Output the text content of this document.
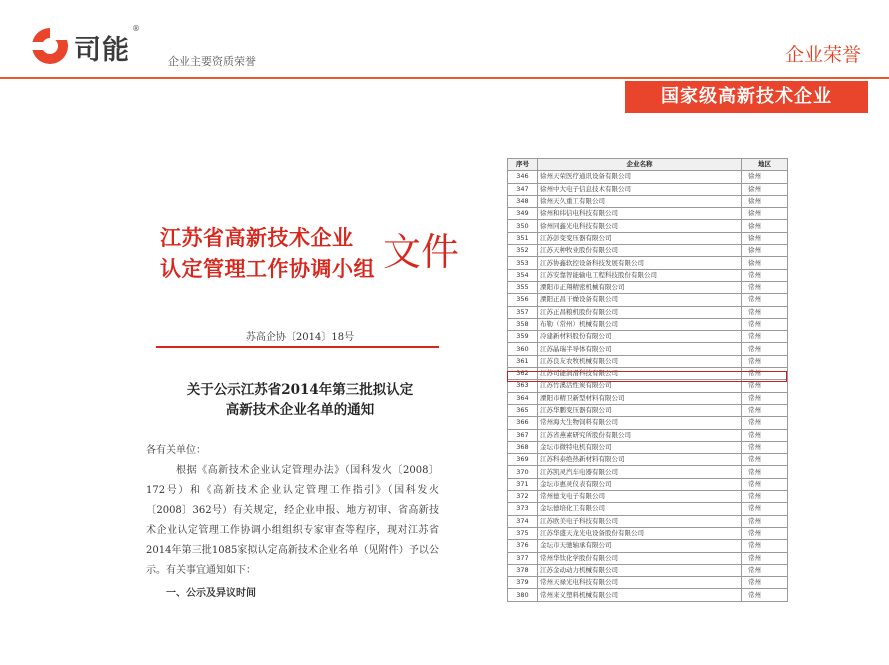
司能
®
企业主要资质荣誉	企业荣誉
国家级高新技术企业
江苏省高新技术企业
认定管理工作协调小组 文件
苏高企协〔2014〕18号
关于公示江苏省2014年第三批拟认定
高新技术企业名单的通知

各有关单位：

根据《高新技术企业认定管理办法》（国科发火〔2008〕172号）和《高新技术企业认定管理工作指引》（国科发火〔2008〕362号）有关规定，经企业申报、地方初审、省高新技术企业认定管理工作协调小组组织专家审查等程序，现对江苏省2014年第三批1085家拟认定高新技术企业名单（见附件）予以公示。有关事宜通知如下：

一、公示及异议时间

序号	企业名称	地区
346	徐州天荣医疗通讯设备有限公司	徐州
347	徐州中大电子信息技术有限公司	徐州
348	徐州天久重工有限公司	徐州
349	徐州和纬信电科技有限公司	徐州
350	徐州同鑫光电科技有限公司	徐州
351	江苏彭变变压器有限公司	徐州
352	江苏天种牧业股份有限公司	徐州
353	江苏协鑫软控设备科技发展有限公司	徐州
354	江苏安靠智能输电工程科技股份有限公司	常州
355	溧阳市正翔精密机械有限公司	常州
356	溧阳正昌干燥设备有限公司	常州
357	江苏正昌粮机股份有限公司	常州
358	布勒（常州）机械有限公司	常州
359	冷建新材料股份有限公司	常州
360	江苏晶瑞半导体有限公司	常州
361	江苏良友农牧机械有限公司	常州
362	江苏司能润滑科技有限公司	常州
363	江苏竹溪活性炭有限公司	常州
364	溧阳市精卫新型材料有限公司	常州
365	江苏华鹏变压器有限公司	常州
366	常州海大生物饲料有限公司	常州
367	江苏省燕素研究所股份有限公司	常州
368	金坛市微特电机有限公司	常州
369	江苏科泰绝热新材料有限公司	常州
370	江苏凯灵汽车电器有限公司	常州
371	金坛市惠灵仪表有限公司	常州
372	常州德戈电子有限公司	常州
373	金坛德培化工有限公司	常州
374	江苏欧美电子科技有限公司	常州
375	江苏华盛天龙光电设备股份有限公司	常州
376	金坛市天驰轴承有限公司	常州
377	常州华钛化学股份有限公司	常州
378	江苏金动动力机械有限公司	常州
379	常州天禄光电科技有限公司	常州
380	常州来义塑料机械有限公司	常州
